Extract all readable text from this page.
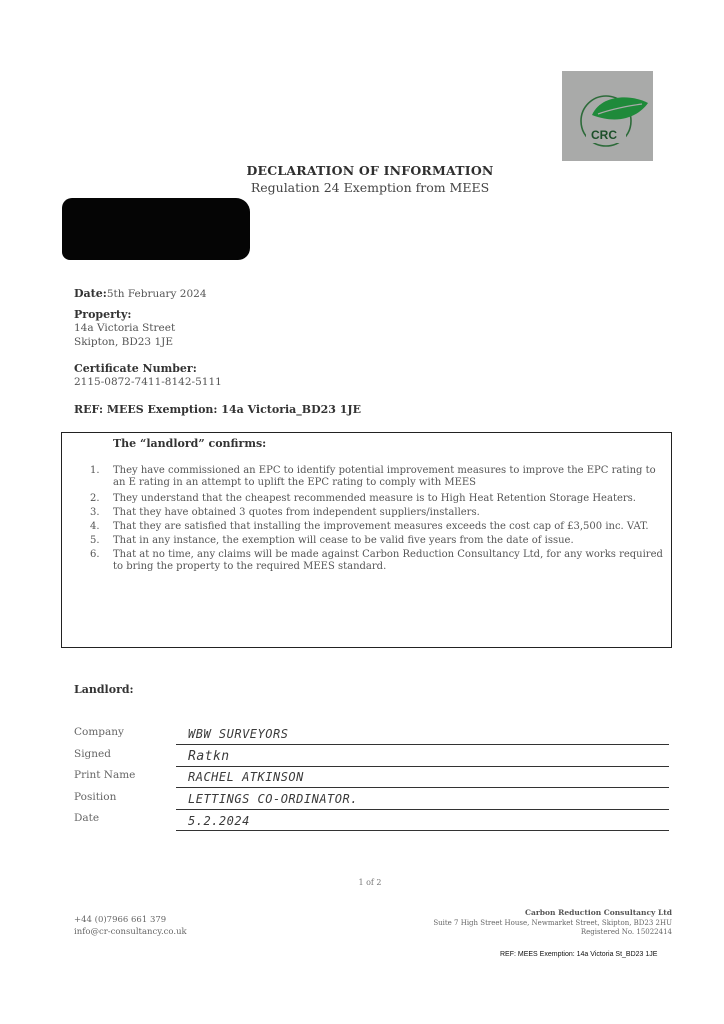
CRC
DECLARATION OF INFORMATION
Regulation 24 Exemption from MEES
Date:5th February 2024
Property:
14a Victoria Street
Skipton, BD23 1JE
Certificate Number:
2115-0872-7411-8142-5111
REF: MEES Exemption: 14a Victoria_BD23 1JE
The “landlord” confirms:
1.	They have commissioned an EPC to identify potential improvement measures to improve the EPC rating to an E rating in an attempt to uplift the EPC rating to comply with MEES
2.	They understand that the cheapest recommended measure is to High Heat Retention Storage Heaters.
3.	That they have obtained 3 quotes from independent suppliers/installers.
4.	That they are satisfied that installing the improvement measures exceeds the cost cap of £3,500 inc. VAT.
5.	That in any instance, the exemption will cease to be valid five years from the date of issue.
6.	That at no time, any claims will be made against Carbon Reduction Consultancy Ltd, for any works required to bring the property to the required MEES standard.
Landlord:
Company	WBW SURVEYORS
Signed	Ratkn
Print Name	RACHEL ATKINSON
Position	LETTINGS CO-ORDINATOR.
Date	5.2.2024
1 of 2
+44 (0)7966 661 379
info@cr-consultancy.co.uk
Carbon Reduction Consultancy Ltd
Suite 7 High Street House, Newmarket Street, Skipton, BD23 2HU
Registered No. 15022414
REF: MEES Exemption: 14a Victoria St_BD23 1JE
